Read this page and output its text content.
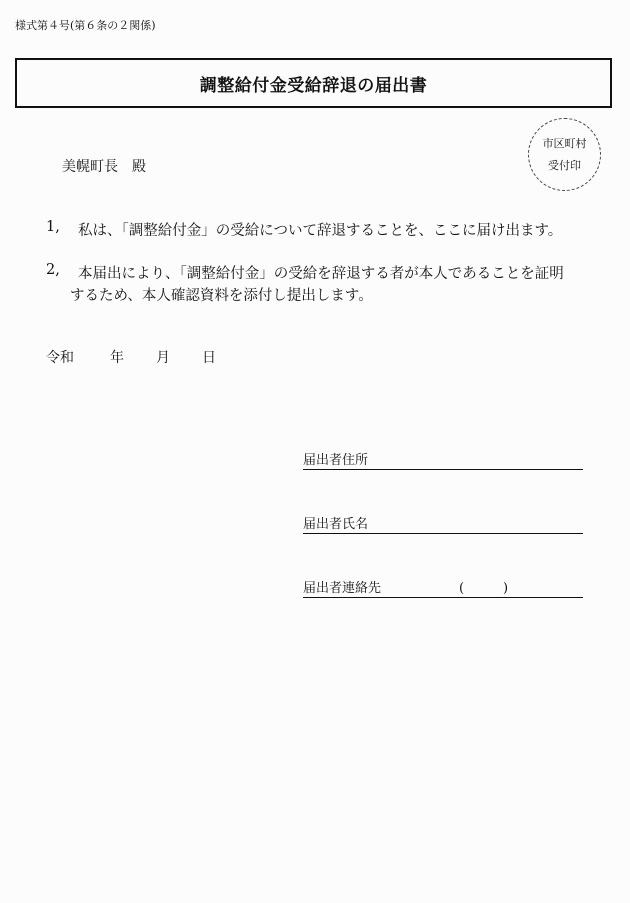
様式第４号(第６条の２関係)
調整給付金受給辞退の届出書
市区町村
受付印
美幌町長　殿
1, 私は、「調整給付金」の受給について辞退することを、ここに届け出ます。
2, 本届出により、「調整給付金」の受給を辞退する者が本人であることを証明
するため、本人確認資料を添付し提出します。
令和	年 月 日
届出者住所
届出者氏名
届出者連絡先	(	)
